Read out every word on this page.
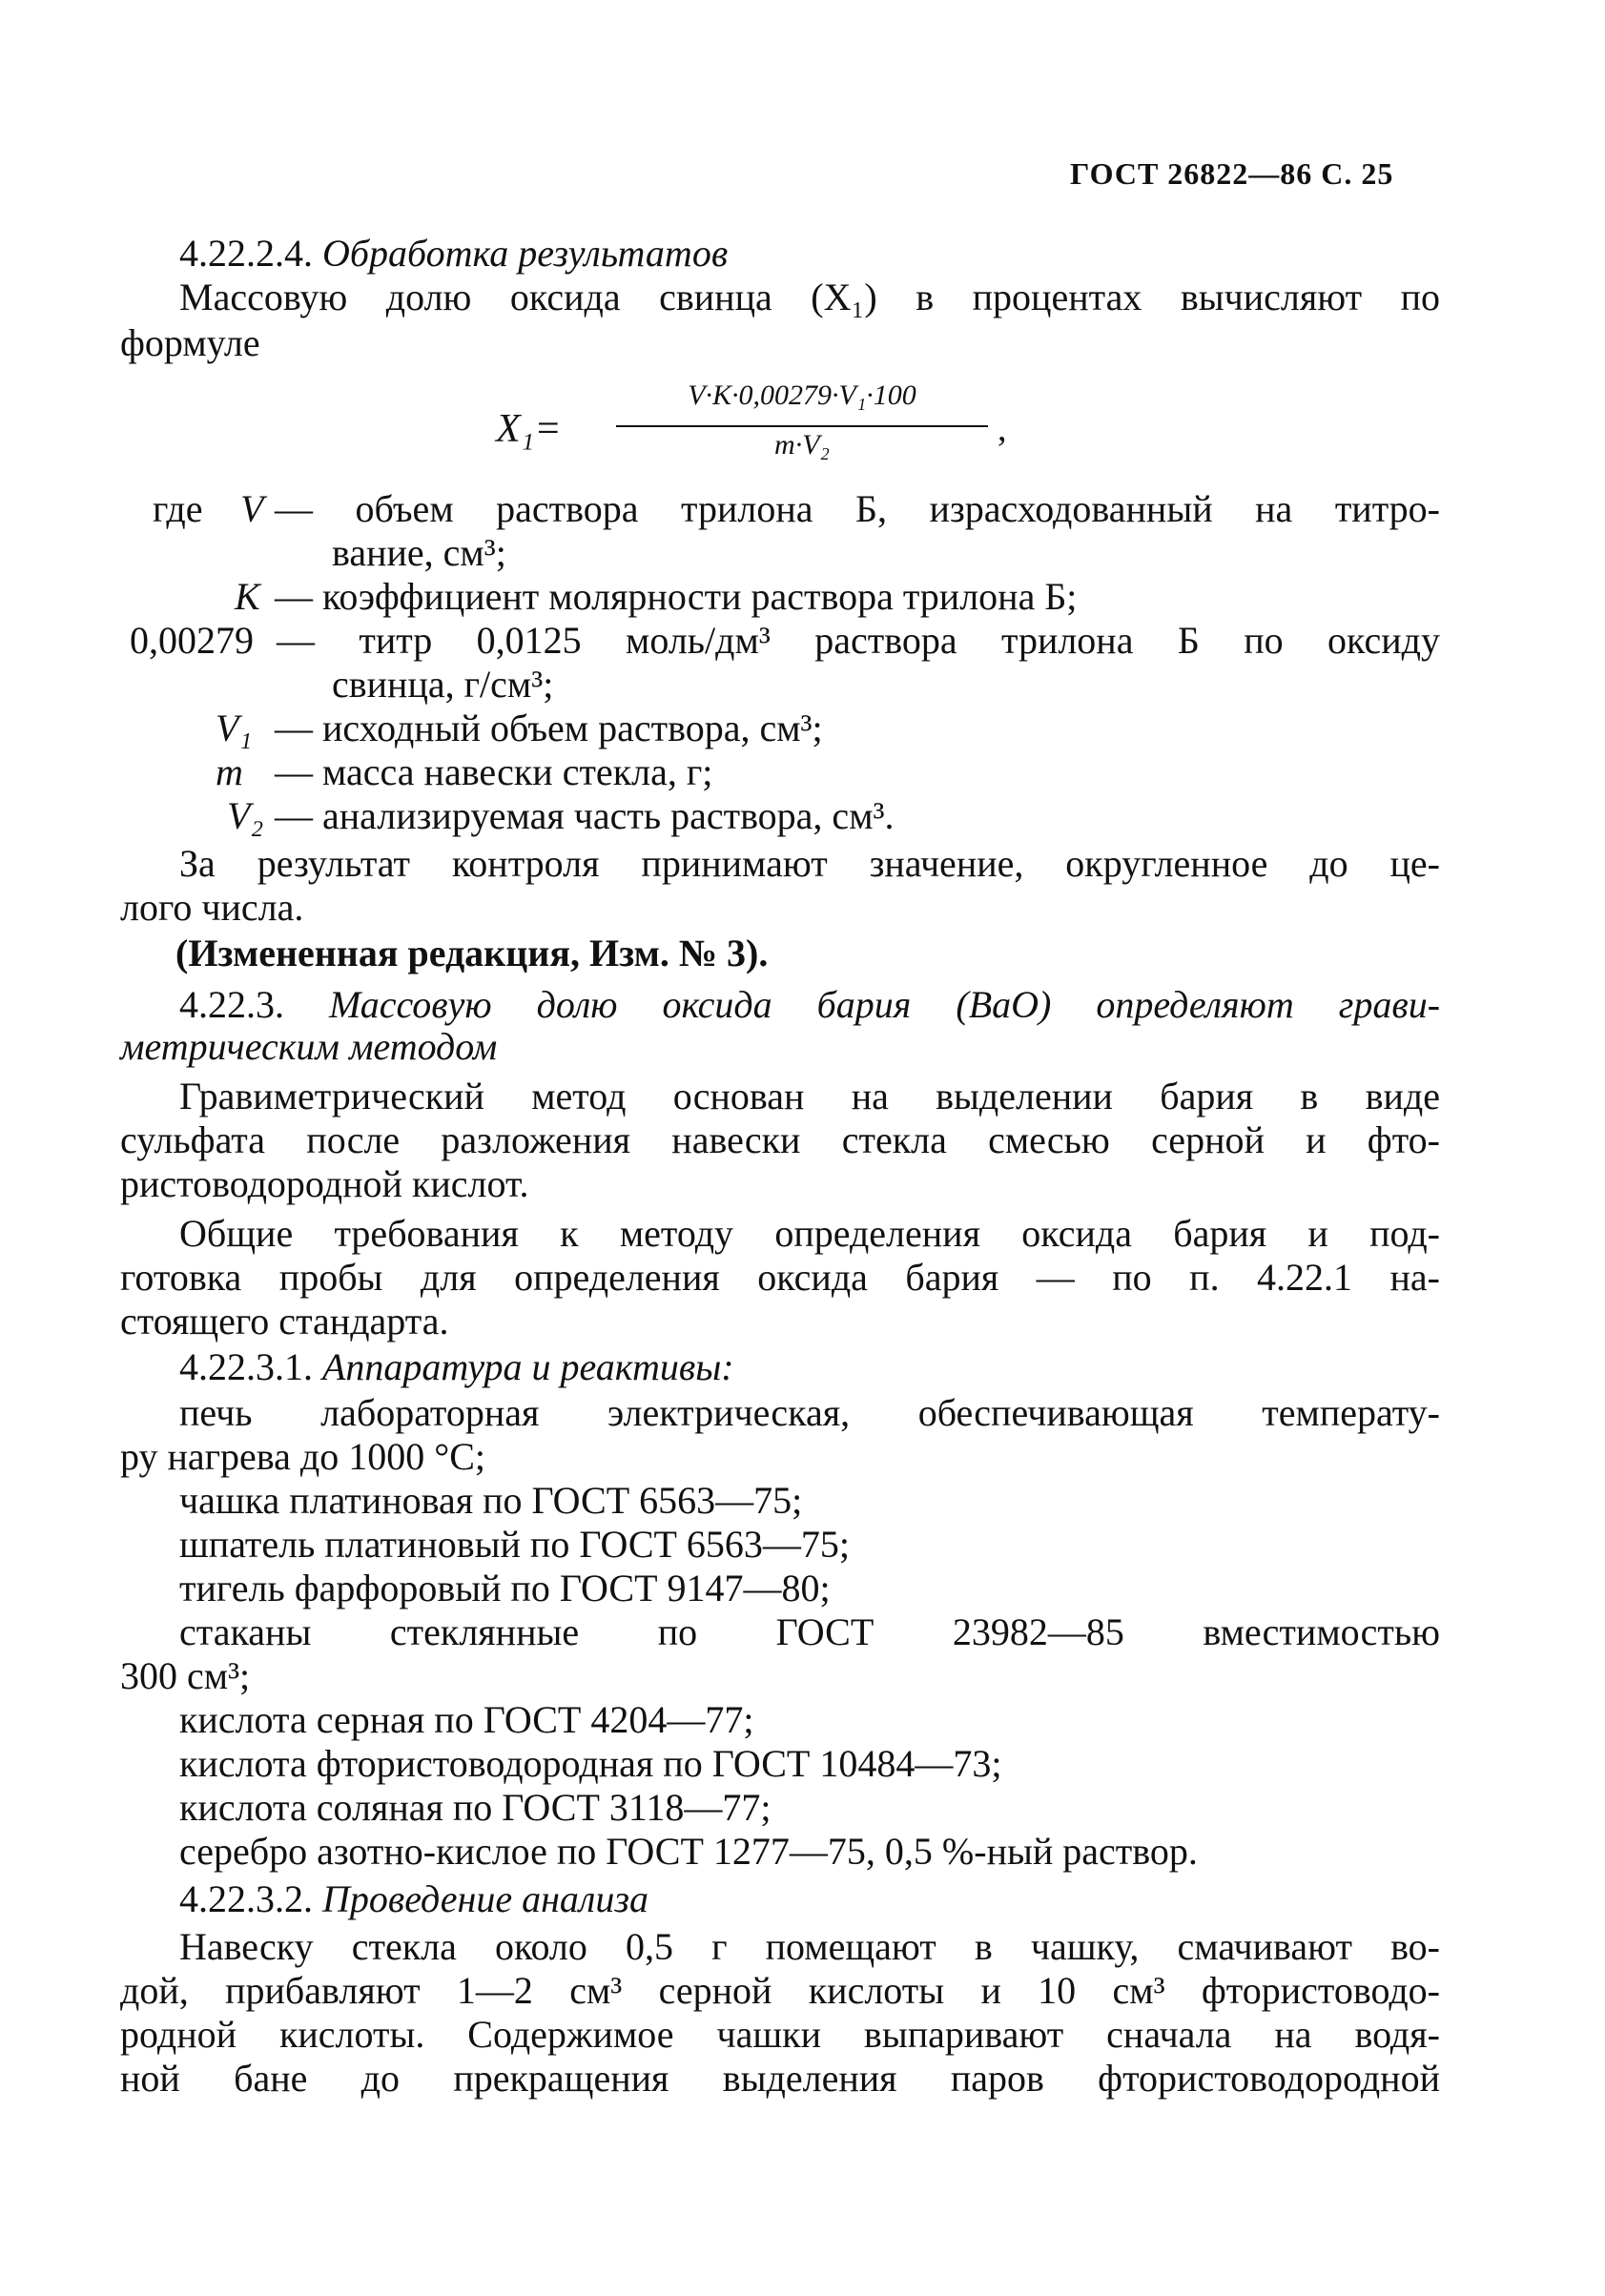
ГОСТ 26822—86 С. 25
4.22.2.4. Обработка результатов
Массовую долю оксида свинца (X₁) в процентах вычисляют по
формуле
X₁=
V·K·0,00279·V₁·100
m·V₂	,
где V — объем раствора трилона Б, израсходованный на титро-
вание, см³;
K — коэффициент молярности раствора трилона Б;
0,00279 — титр 0,0125 моль/дм³ раствора трилона Б по оксиду
свинца, г/см³;
V₁ — исходный объем раствора, см³;
m — масса навески стекла, г;
V₂ — анализируемая часть раствора, см³.
За результат контроля принимают значение, округленное до це-
лого числа.
(Измененная редакция, Изм. № 3).
4.22.3. Массовую долю оксида бария (BaO) определяют грави-
метрическим методом
Гравиметрический метод основан на выделении бария в виде
сульфата после разложения навески стекла смесью серной и фто-
ристоводородной кислот.
Общие требования к методу определения оксида бария и под-
готовка пробы для определения оксида бария — по п. 4.22.1 на-
стоящего стандарта.
4.22.3.1. Аппаратура и реактивы:
печь лабораторная электрическая, обеспечивающая температу-
ру нагрева до 1000 °С;
чашка платиновая по ГОСТ 6563—75;
шпатель платиновый по ГОСТ 6563—75;
тигель фарфоровый по ГОСТ 9147—80;
стаканы стеклянные по ГОСТ 23982—85 вместимостью
300 см³;
кислота серная по ГОСТ 4204—77;
кислота фтористоводородная по ГОСТ 10484—73;
кислота соляная по ГОСТ 3118—77;
серебро азотно-кислое по ГОСТ 1277—75, 0,5 %-ный раствор.
4.22.3.2. Проведение анализа
Навеску стекла около 0,5 г помещают в чашку, смачивают во-
дой, прибавляют 1—2 см³ серной кислоты и 10 см³ фтористоводо-
родной кислоты. Содержимое чашки выпаривают сначала на водя-
ной бане до прекращения выделения паров фтористоводородной
